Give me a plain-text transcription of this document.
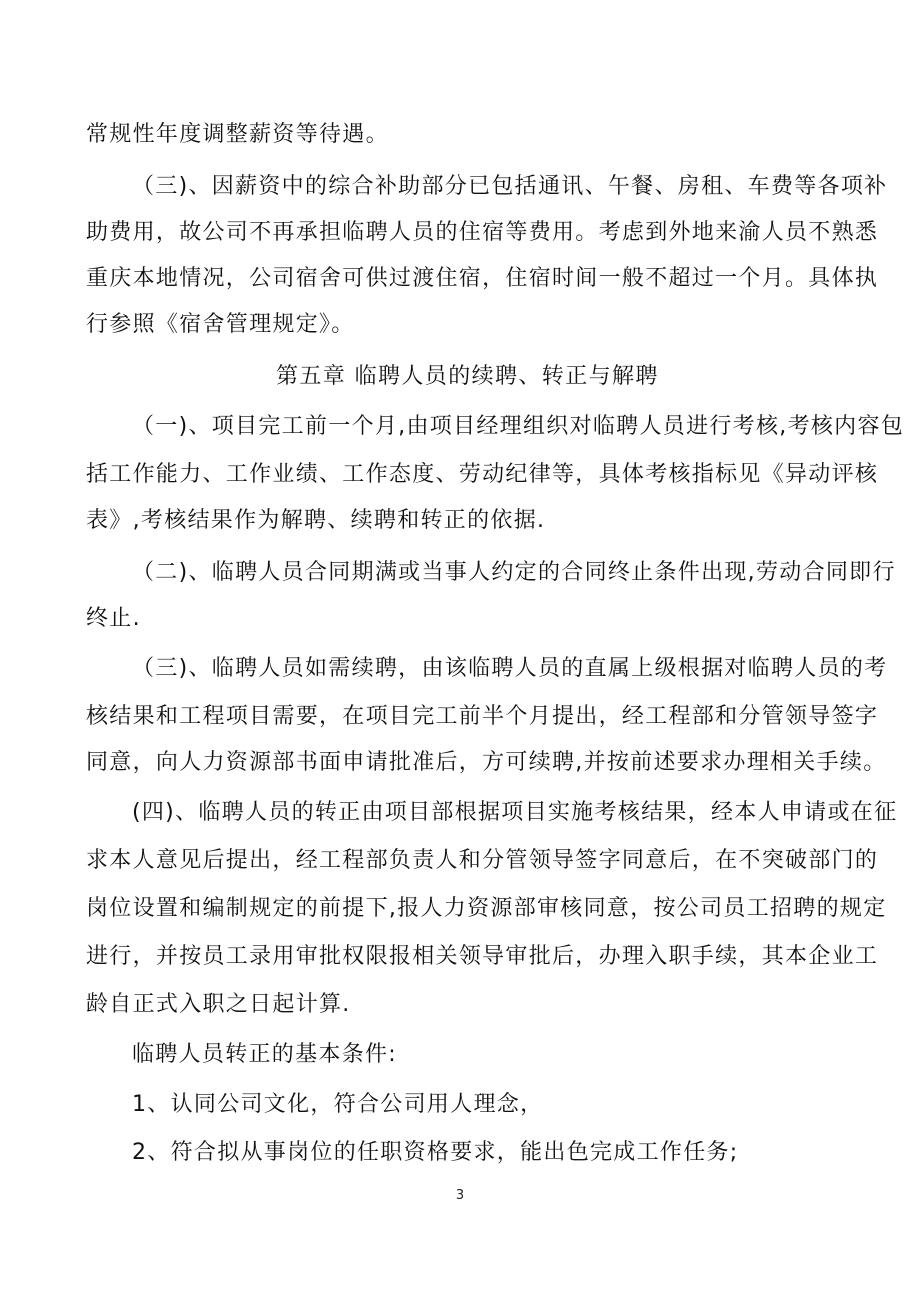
常规性年度调整薪资等待遇。

（三)、因薪资中的综合补助部分已包括通讯、午餐、房租、车费等各项补

助费用，故公司不再承担临聘人员的住宿等费用。考虑到外地来渝人员不熟悉

重庆本地情况，公司宿舍可供过渡住宿，住宿时间一般不超过一个月。具体执

行参照《宿舍管理规定》。

第五章 临聘人员的续聘、转正与解聘

（一)、项目完工前一个月,由项目经理组织对临聘人员进行考核,考核内容包

括工作能力、工作业绩、工作态度、劳动纪律等，具体考核指标见《异动评核

表》,考核结果作为解聘、续聘和转正的依据.

（二)、临聘人员合同期满或当事人约定的合同终止条件出现,劳动合同即行

终止.

（三)、临聘人员如需续聘，由该临聘人员的直属上级根据对临聘人员的考

核结果和工程项目需要，在项目完工前半个月提出，经工程部和分管领导签字

同意，向人力资源部书面申请批准后，方可续聘,并按前述要求办理相关手续。

(四)、临聘人员的转正由项目部根据项目实施考核结果，经本人申请或在征

求本人意见后提出，经工程部负责人和分管领导签字同意后，在不突破部门的

岗位设置和编制规定的前提下,报人力资源部审核同意，按公司员工招聘的规定

进行，并按员工录用审批权限报相关领导审批后，办理入职手续，其本企业工

龄自正式入职之日起计算.

临聘人员转正的基本条件:

1、认同公司文化，符合公司用人理念，

2、符合拟从事岗位的任职资格要求，能出色完成工作任务;

3
